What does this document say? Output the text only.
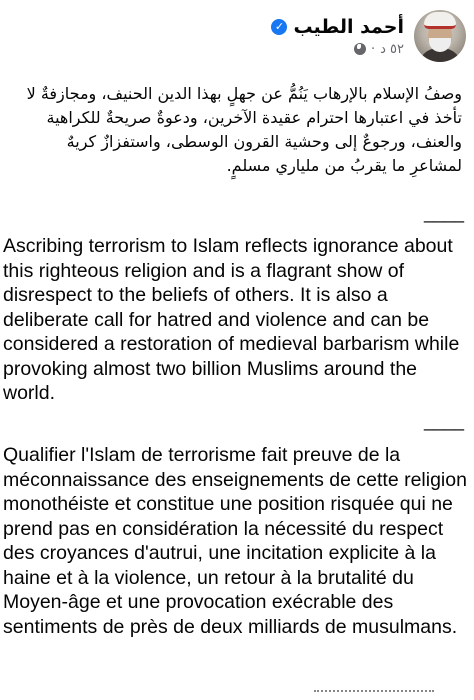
أحمد الطيب
✓
٥٢ د
·
وصفُ الإسلام بالإرهاب يَنُمُّ عن جهلٍ بهذا الدين الحنيف، ومجازفةٌ لا تأخذ في اعتبارها احترام عقيدة الآخرين، ودعوةٌ صريحةٌ للكراهية والعنف، ورجوعٌ إلى وحشية القرون الوسطى، واستفزازٌ كريهٌ لمشاعرِ ما يقربُ من ملياري مسلمٍ.
____
Ascribing terrorism to Islam reflects ignorance about this righteous religion and is a flagrant show of disrespect to the beliefs of others. It is also a deliberate call for hatred and violence and can be considered a restoration of medieval barbarism while provoking almost two billion Muslims around the world.
____
Qualifier l'Islam de terrorisme fait preuve de la méconnaissance des enseignements de cette religion monothéiste et constitue une position risquée qui ne prend pas en considération la nécessité du respect des croyances d'autrui, une incitation explicite à la haine et à la violence, un retour à la brutalité du Moyen-âge et une provocation exécrable des sentiments de près de deux milliards de musulmans.
